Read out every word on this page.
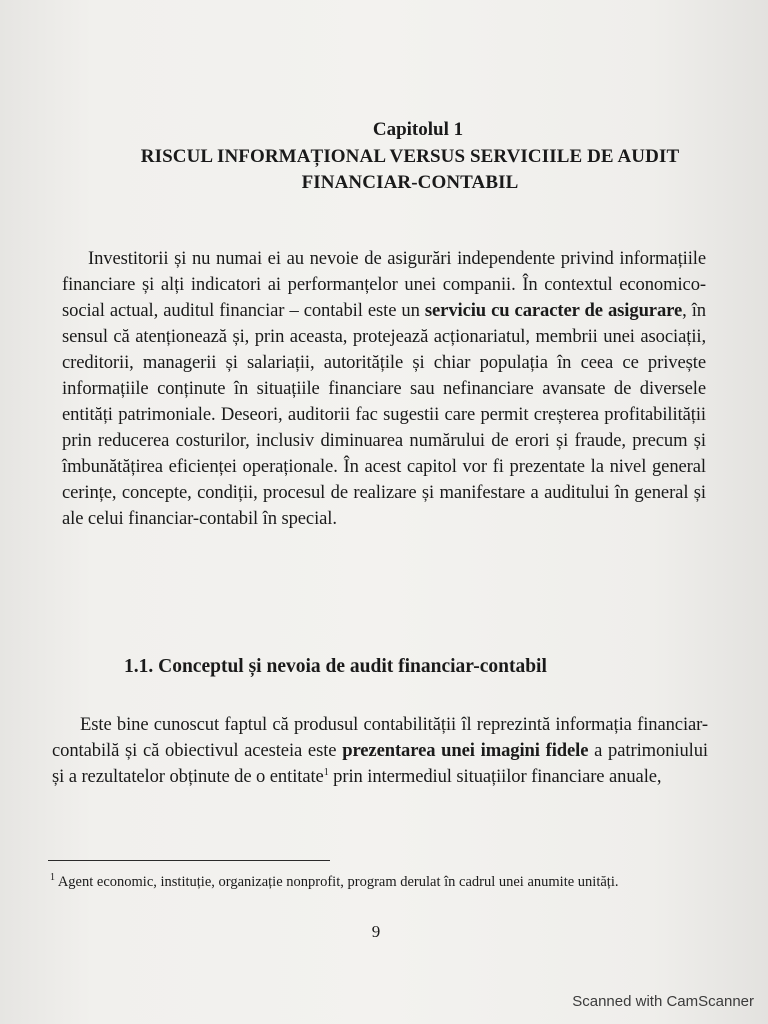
Capitolul 1
RISCUL INFORMAȚIONAL VERSUS SERVICIILE DE AUDIT FINANCIAR-CONTABIL

Investitorii și nu numai ei au nevoie de asigurări independente privind informațiile financiare și alți indicatori ai performanțelor unei companii. În contextul economico-social actual, auditul financiar – contabil este un serviciu cu caracter de asigurare, în sensul că atenționează și, prin aceasta, protejează acționariatul, membrii unei asociații, creditorii, managerii și salariații, autoritățile și chiar populația în ceea ce privește informațiile conținute în situațiile financiare sau nefinanciare avansate de diversele entități patrimoniale. Deseori, auditorii fac sugestii care permit creșterea profitabilității prin reducerea costurilor, inclusiv diminuarea numărului de erori și fraude, precum și îmbunătățirea eficienței operaționale. În acest capitol vor fi prezentate la nivel general cerințe, concepte, condiții, procesul de realizare și manifestare a auditului în general și ale celui financiar-contabil în special.

1.1. Conceptul și nevoia de audit financiar-contabil

Este bine cunoscut faptul că produsul contabilității îl reprezintă informația financiar-contabilă și că obiectivul acesteia este prezentarea unei imagini fidele a patrimoniului și a rezultatelor obținute de o entitate$^1$ prin intermediul situațiilor financiare anuale,

$^1$ Agent economic, instituție, organizație nonprofit, program derulat în cadrul unei anumite unități.
9
Scanned with CamScanner
